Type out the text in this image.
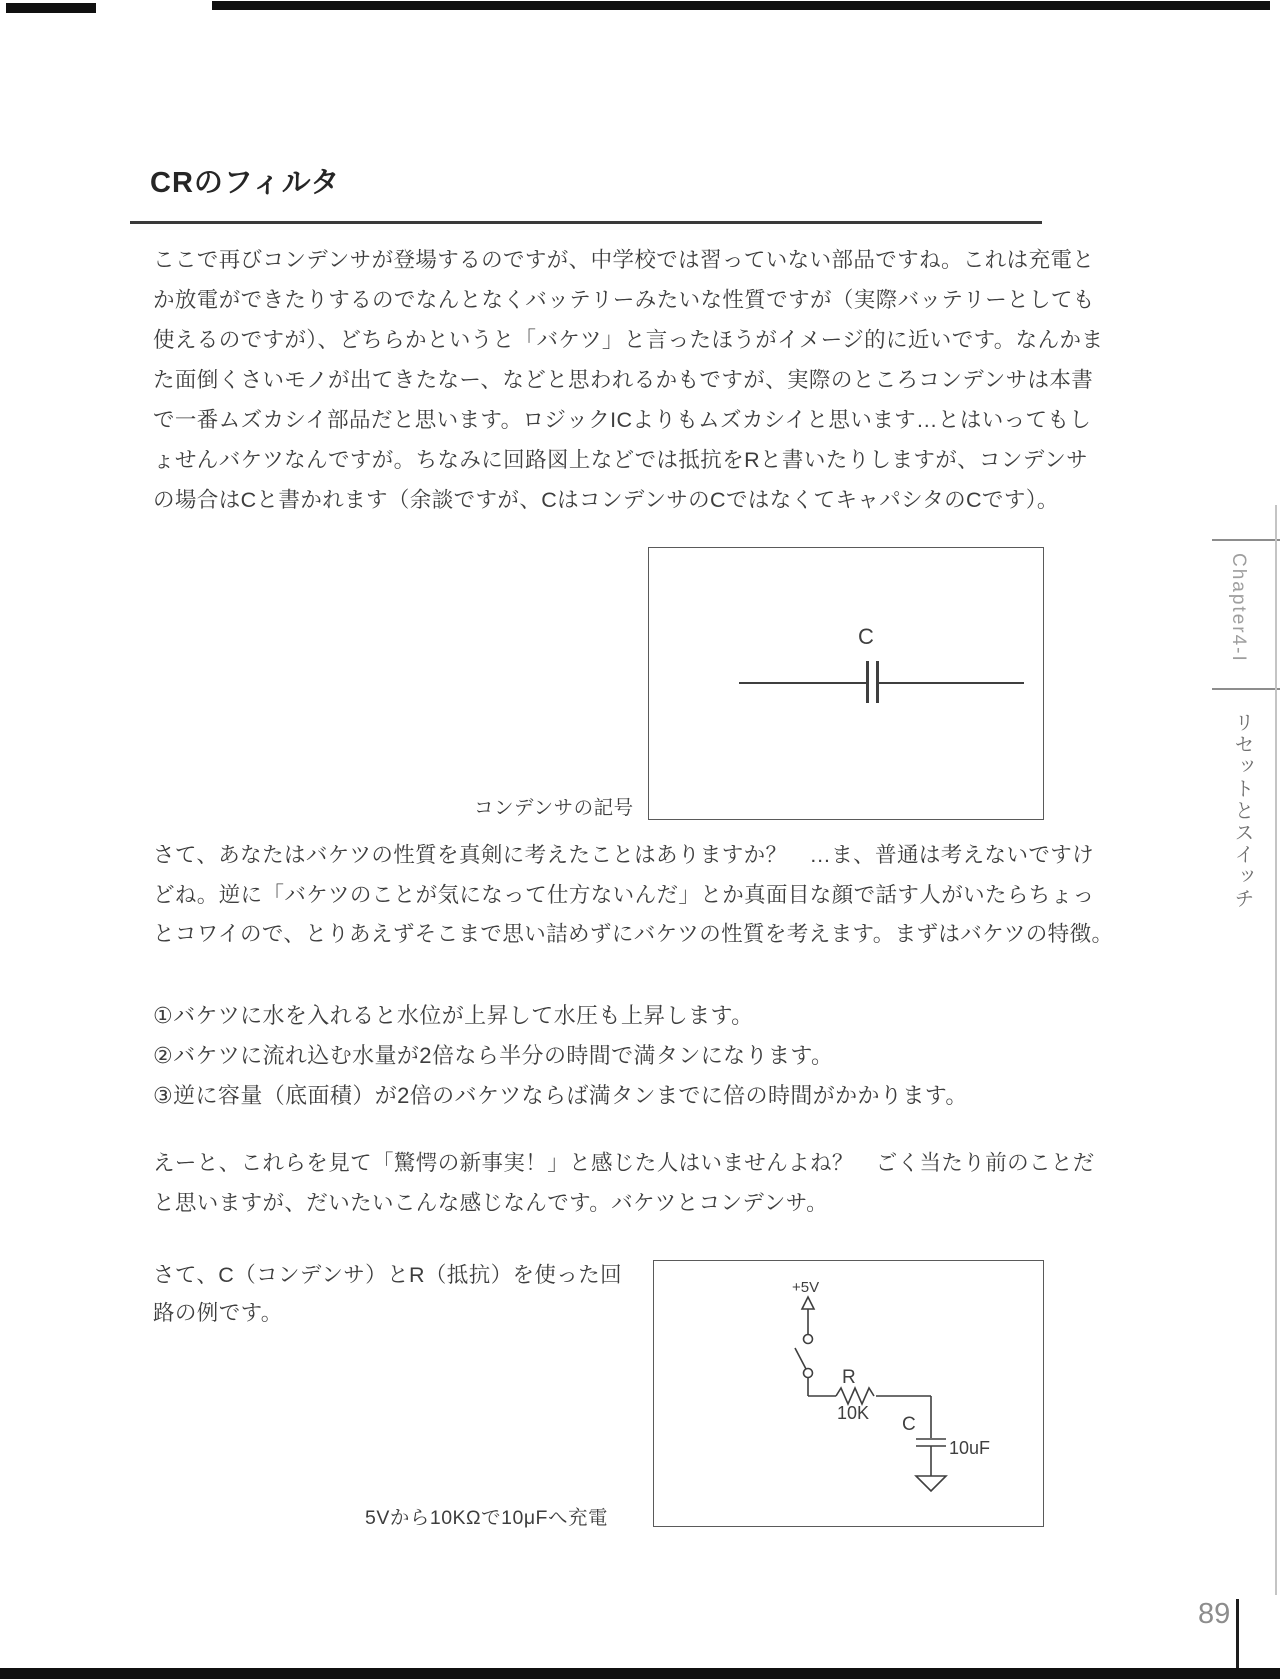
CRのフィルタ
ここで再びコンデンサが登場するのですが、中学校では習っていない部品ですね。これは充電と
か放電ができたりするのでなんとなくバッテリーみたいな性質ですが（実際バッテリーとしても
使えるのですが）、どちらかというと「バケツ」と言ったほうがイメージ的に近いです。なんかま
た面倒くさいモノが出てきたなー、などと思われるかもですが、実際のところコンデンサは本書
で一番ムズカシイ部品だと思います。ロジックICよりもムズカシイと思います…とはいってもし
ょせんバケツなんですが。ちなみに回路図上などでは抵抗をRと書いたりしますが、コンデンサ
の場合はCと書かれます（余談ですが、CはコンデンサのCではなくてキャパシタのCです）。
C
コンデンサの記号
さて、あなたはバケツの性質を真剣に考えたことはありますか？　…ま、普通は考えないですけ
どね。逆に「バケツのことが気になって仕方ないんだ」とか真面目な顔で話す人がいたらちょっ
とコワイので、とりあえずそこまで思い詰めずにバケツの性質を考えます。まずはバケツの特徴。
①バケツに水を入れると水位が上昇して水圧も上昇します。
②バケツに流れ込む水量が2倍なら半分の時間で満タンになります。
③逆に容量（底面積）が2倍のバケツならば満タンまでに倍の時間がかかります。
えーと、これらを見て「驚愕の新事実！」と感じた人はいませんよね？　ごく当たり前のことだ
と思いますが、だいたいこんな感じなんです。バケツとコンデンサ。
さて、C（コンデンサ）とR（抵抗）を使った回
路の例です。
+5V
R
10K
C
10uF
5Vから10KΩで10μFへ充電
Chapter4-I
リセットとスイッチ
89
